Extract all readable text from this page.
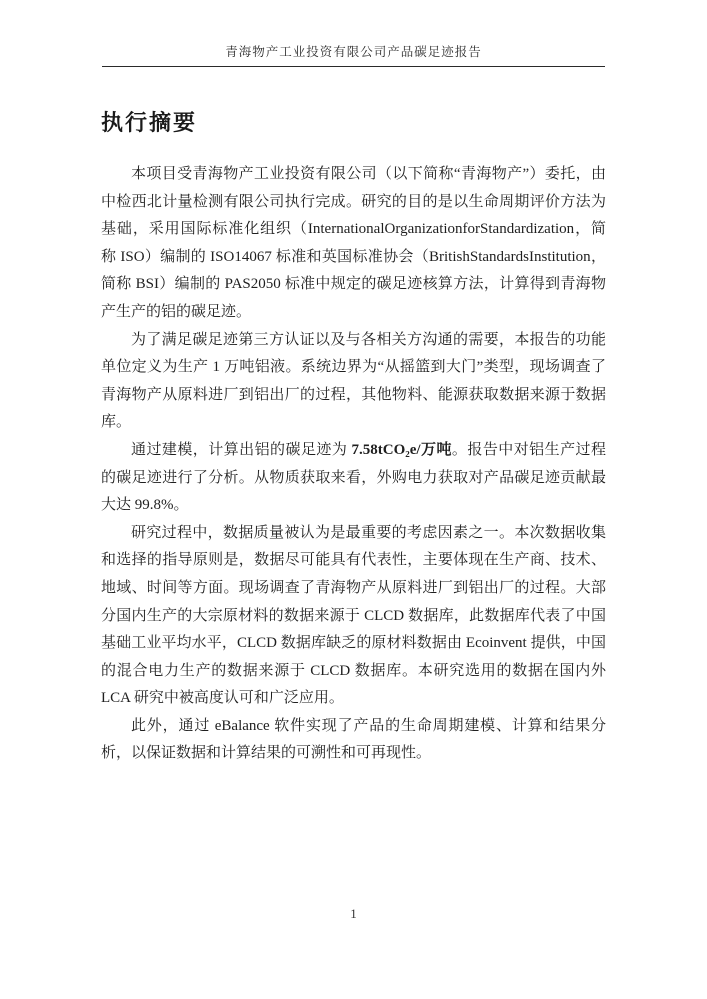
青海物产工业投资有限公司产品碳足迹报告
执行摘要

本项目受青海物产工业投资有限公司（以下简称“青海物产”）委托，由中检西北计量检测有限公司执行完成。研究的目的是以生命周期评价方法为基础，采用国际标准化组织（InternationalOrganizationforStandardization，简称 ISO）编制的 ISO14067 标准和英国标准协会（BritishStandardsInstitution，简称 BSI）编制的 PAS2050 标准中规定的碳足迹核算方法，计算得到青海物产生产的铝的碳足迹。

为了满足碳足迹第三方认证以及与各相关方沟通的需要，本报告的功能单位定义为生产 1 万吨铝液。系统边界为“从摇篮到大门”类型，现场调查了青海物产从原料进厂到铝出厂的过程，其他物料、能源获取数据来源于数据库。

通过建模，计算出铝的碳足迹为 7.58tCO₂e/万吨。报告中对铝生产过程的碳足迹进行了分析。从物质获取来看，外购电力获取对产品碳足迹贡献最大达 99.8%。

研究过程中，数据质量被认为是最重要的考虑因素之一。本次数据收集和选择的指导原则是，数据尽可能具有代表性，主要体现在生产商、技术、地域、时间等方面。现场调查了青海物产从原料进厂到铝出厂的过程。大部分国内生产的大宗原材料的数据来源于 CLCD 数据库，此数据库代表了中国基础工业平均水平，CLCD 数据库缺乏的原材料数据由 Ecoinvent 提供，中国的混合电力生产的数据来源于 CLCD 数据库。本研究选用的数据在国内外 LCA 研究中被高度认可和广泛应用。

此外，通过 eBalance 软件实现了产品的生命周期建模、计算和结果分析，以保证数据和计算结果的可溯性和可再现性。

1
